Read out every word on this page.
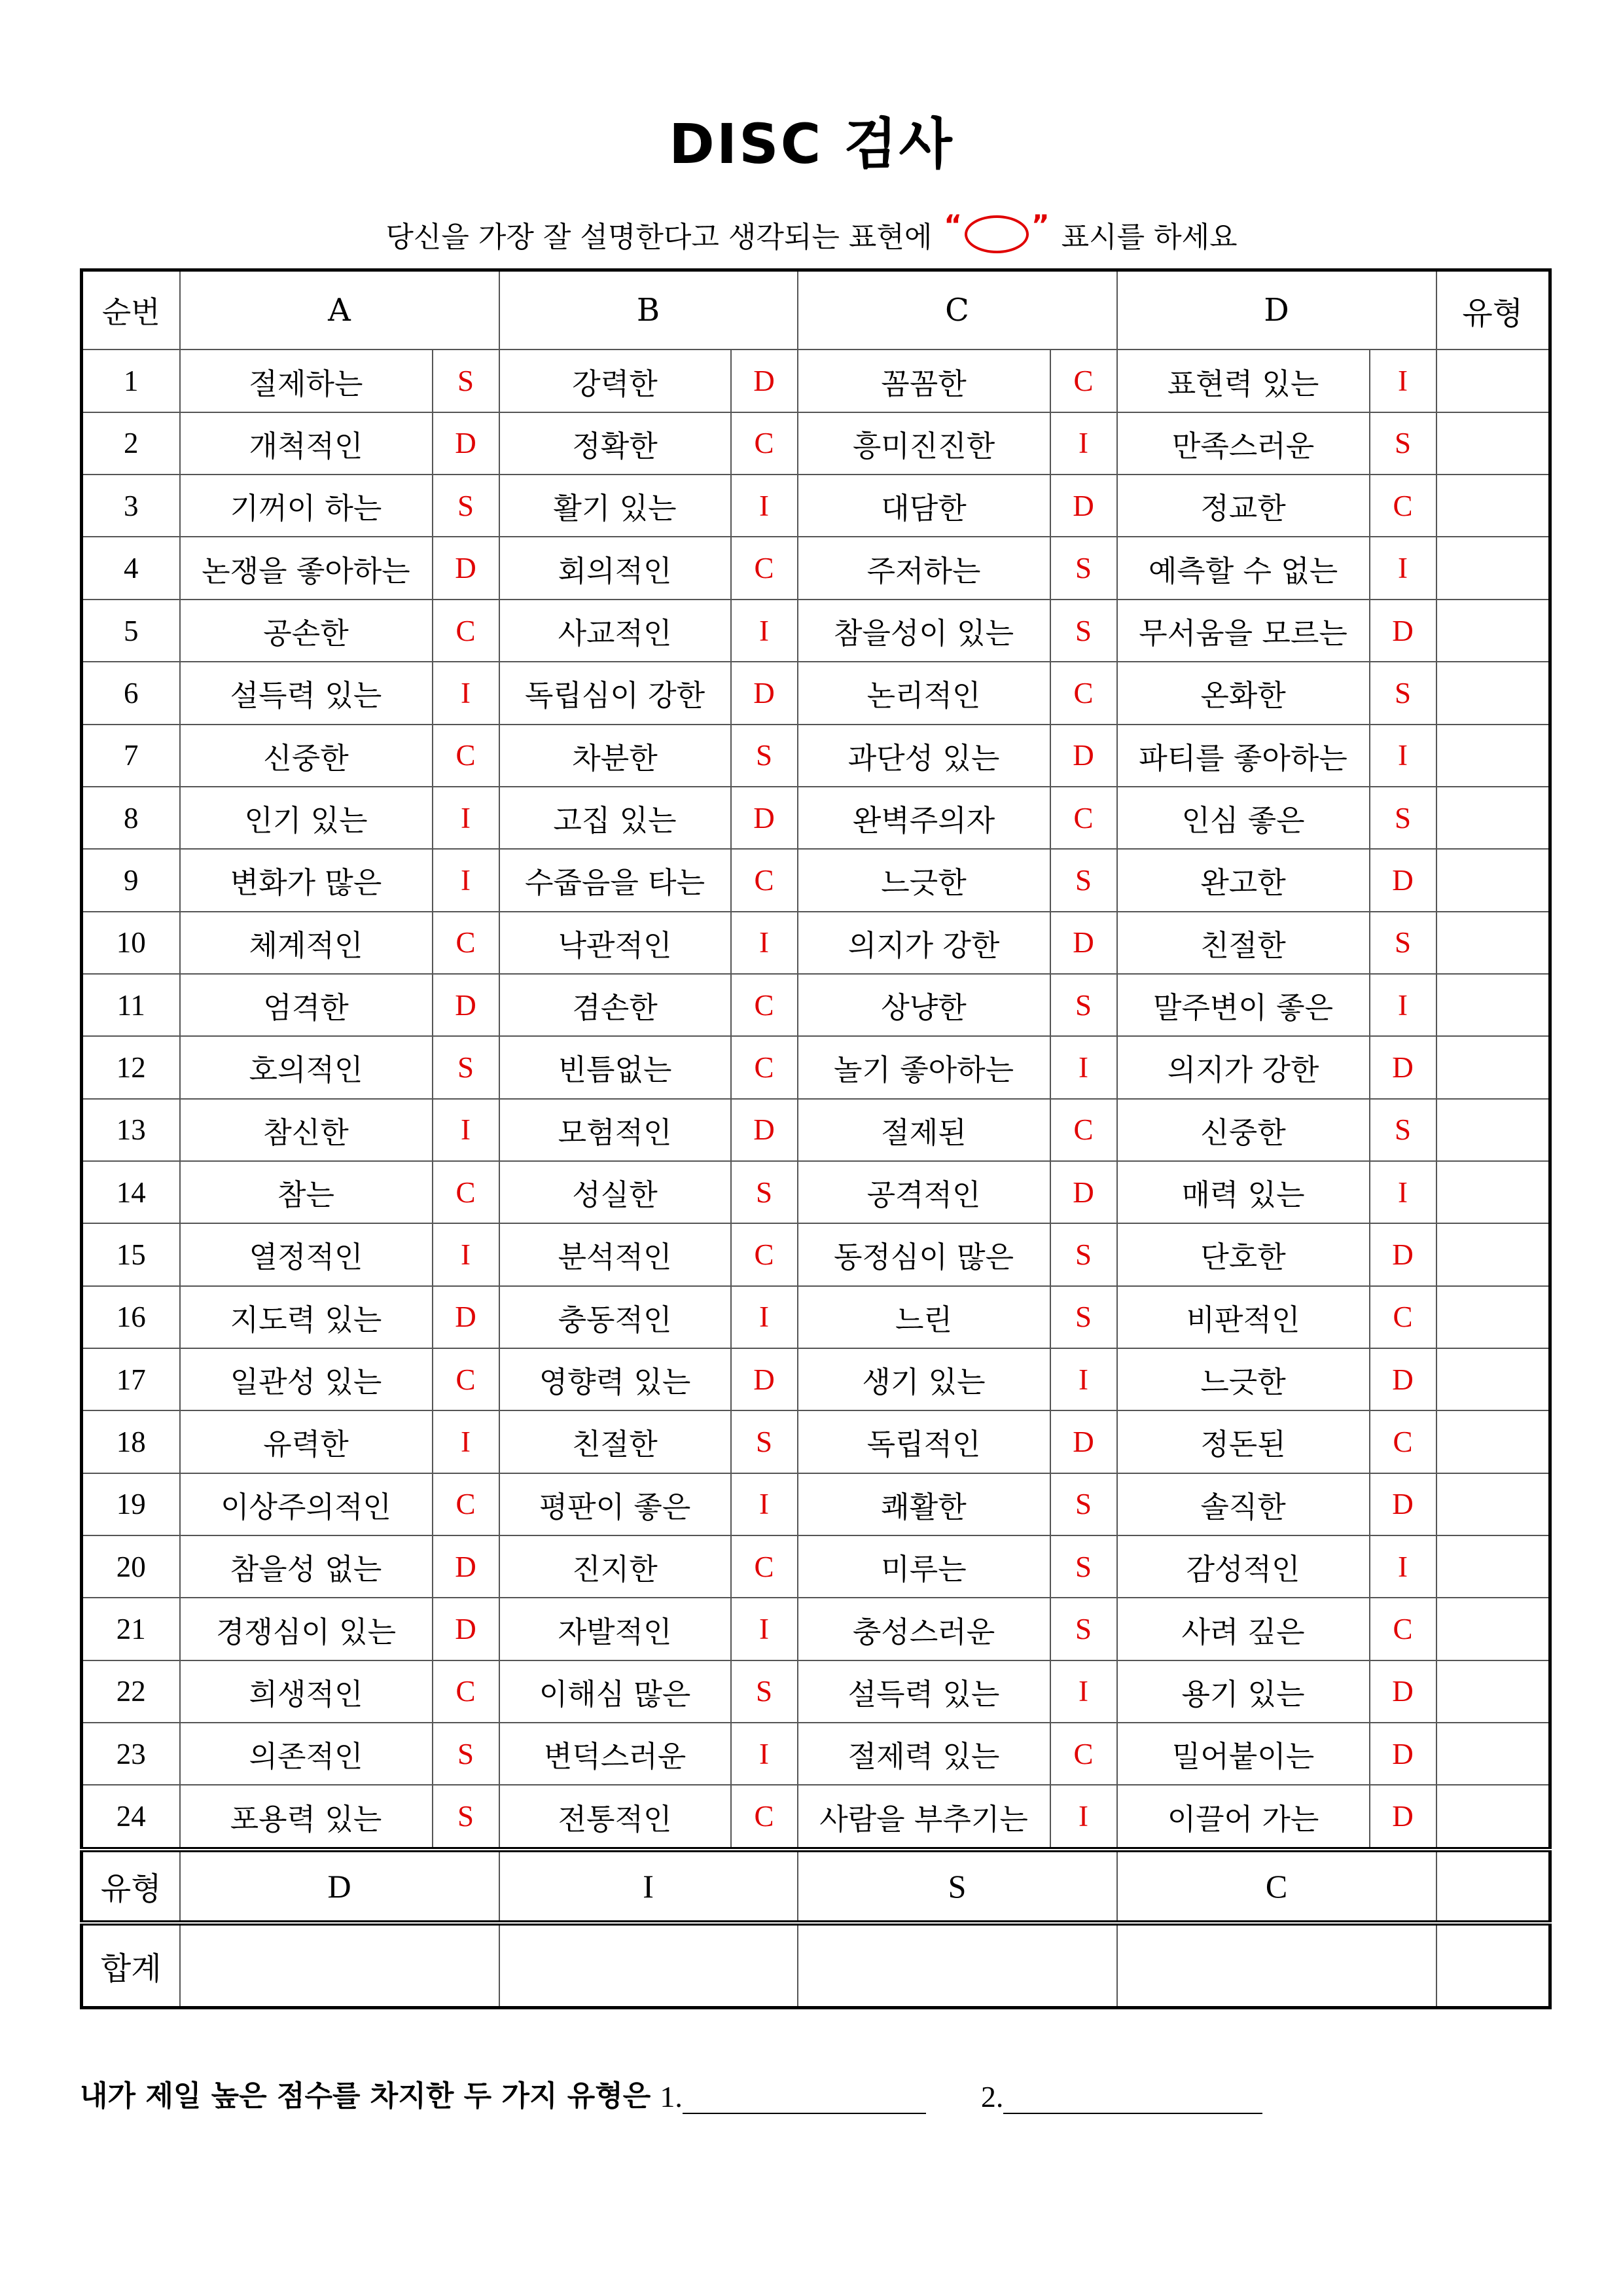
DISC 검사
당신을 가장 잘 설명한다고 생각되는 표현에 “	” 표시를 하세요
순번	A		B		C		D		유형
1	절제하는	S	강력한	D	꼼꼼한	C	표현력 있는	I	
2	개척적인	D	정확한	C	흥미진진한	I	만족스러운	S	
3	기꺼이 하는	S	활기 있는	I	대담한	D	정교한	C	
4	논쟁을 좋아하는	D	회의적인	C	주저하는	S	예측할 수 없는	I	
5	공손한	C	사교적인	I	참을성이 있는	S	무서움을 모르는	D	
6	설득력 있는	I	독립심이 강한	D	논리적인	C	온화한	S	
7	신중한	C	차분한	S	과단성 있는	D	파티를 좋아하는	I	
8	인기 있는	I	고집 있는	D	완벽주의자	C	인심 좋은	S	
9	변화가 많은	I	수줍음을 타는	C	느긋한	S	완고한	D	
10	체계적인	C	낙관적인	I	의지가 강한	D	친절한	S	
11	엄격한	D	겸손한	C	상냥한	S	말주변이 좋은	I	
12	호의적인	S	빈틈없는	C	놀기 좋아하는	I	의지가 강한	D	
13	참신한	I	모험적인	D	절제된	C	신중한	S	
14	참는	C	성실한	S	공격적인	D	매력 있는	I	
15	열정적인	I	분석적인	C	동정심이 많은	S	단호한	D	
16	지도력 있는	D	충동적인	I	느린	S	비판적인	C	
17	일관성 있는	C	영향력 있는	D	생기 있는	I	느긋한	D	
18	유력한	I	친절한	S	독립적인	D	정돈된	C	
19	이상주의적인	C	평판이 좋은	I	쾌활한	S	솔직한	D	
20	참을성 없는	D	진지한	C	미루는	S	감성적인	I	
21	경쟁심이 있는	D	자발적인	I	충성스러운	S	사려 깊은	C	
22	희생적인	C	이해심 많은	S	설득력 있는	I	용기 있는	D	
23	의존적인	S	변덕스러운	I	절제력 있는	C	밀어붙이는	D	
24	포용력 있는	S	전통적인	C	사람을 부추기는	I	이끌어 가는	D	
유형	D		I		S		C		
합계									
내가 제일 높은 점수를 차지한 두 가지 유형은 1.	2.
